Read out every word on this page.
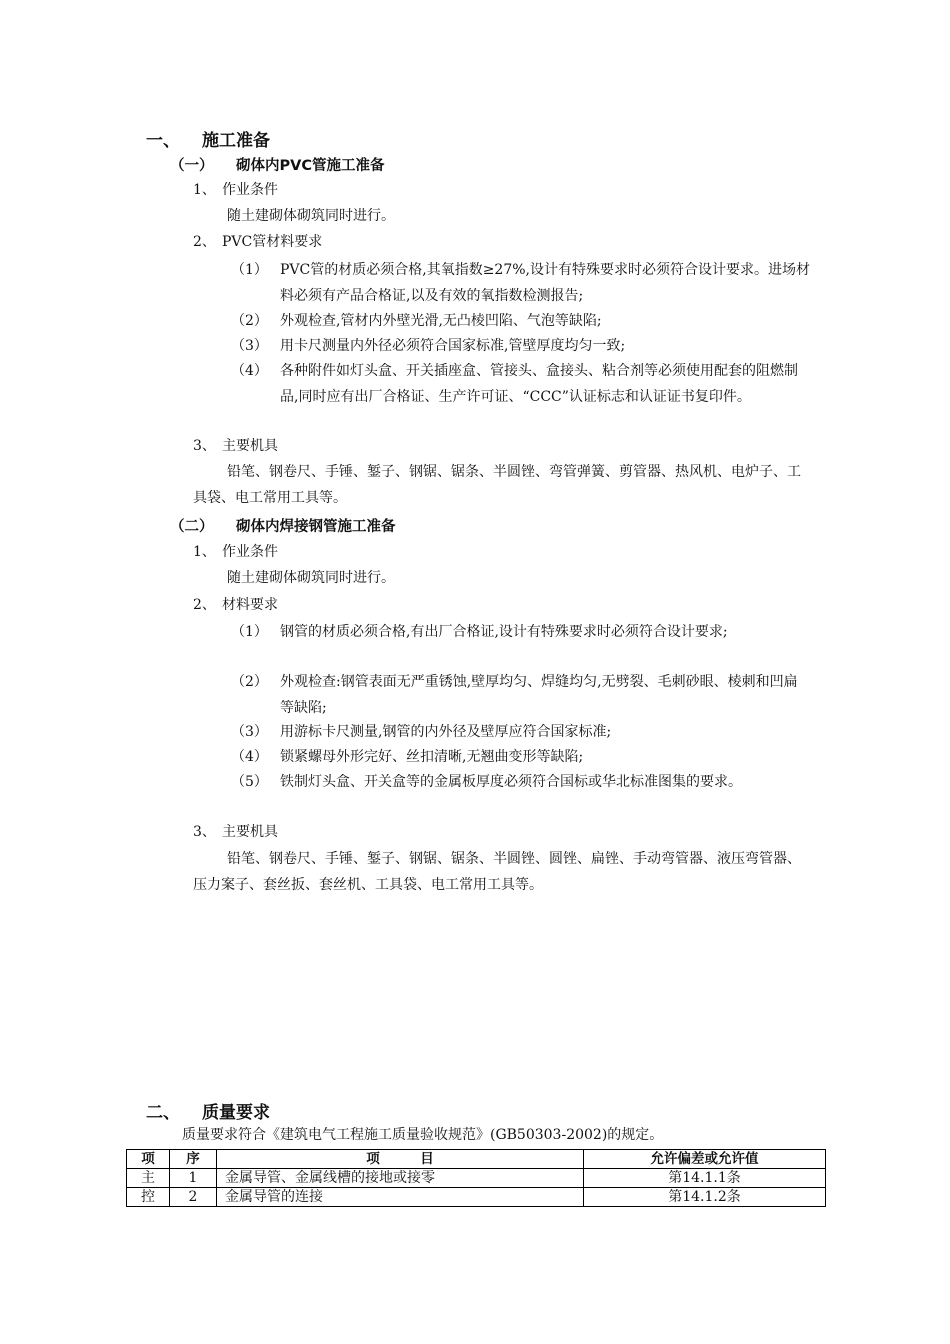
一、 施工准备
（一） 砌体内PVC管施工准备
1、 作业条件
随土建砌体砌筑同时进行。
2、 PVC管材料要求
（1） PVC管的材质必须合格,其氧指数≥27%,设计有特殊要求时必须符合设计要求。进场材料必须有产品合格证,以及有效的氧指数检测报告;
（2） 外观检查,管材内外壁光滑,无凸棱凹陷、气泡等缺陷;
（3） 用卡尺测量内外径必须符合国家标准,管壁厚度均匀一致;
（4） 各种附件如灯头盒、开关插座盒、管接头、盒接头、粘合剂等必须使用配套的阻燃制品,同时应有出厂合格证、生产许可证、“CCC”认证标志和认证证书复印件。
3、 主要机具
铅笔、钢卷尺、手锤、錾子、钢锯、锯条、半圆锉、弯管弹簧、剪管器、热风机、电炉子、工具袋、电工常用工具等。
（二） 砌体内焊接钢管施工准备
1、 作业条件
随土建砌体砌筑同时进行。
2、 材料要求
（1） 钢管的材质必须合格,有出厂合格证,设计有特殊要求时必须符合设计要求;
（2） 外观检查:钢管表面无严重锈蚀,壁厚均匀、焊缝均匀,无劈裂、毛刺砂眼、棱刺和凹扁等缺陷;
（3） 用游标卡尺测量,钢管的内外径及壁厚应符合国家标准;
（4） 锁紧螺母外形完好、丝扣清晰,无翘曲变形等缺陷;
（5） 铁制灯头盒、开关盒等的金属板厚度必须符合国标或华北标准图集的要求。
3、 主要机具
铅笔、钢卷尺、手锤、錾子、钢锯、锯条、半圆锉、圆锉、扁锉、手动弯管器、液压弯管器、压力案子、套丝扳、套丝机、工具袋、电工常用工具等。
二、 质量要求
质量要求符合《建筑电气工程施工质量验收规范》(GB50303-2002)的规定。
项	序	项　　　目	允许偏差或允许值
主	1	金属导管、金属线槽的接地或接零	第14.1.1条
控	2	金属导管的连接	第14.1.2条
